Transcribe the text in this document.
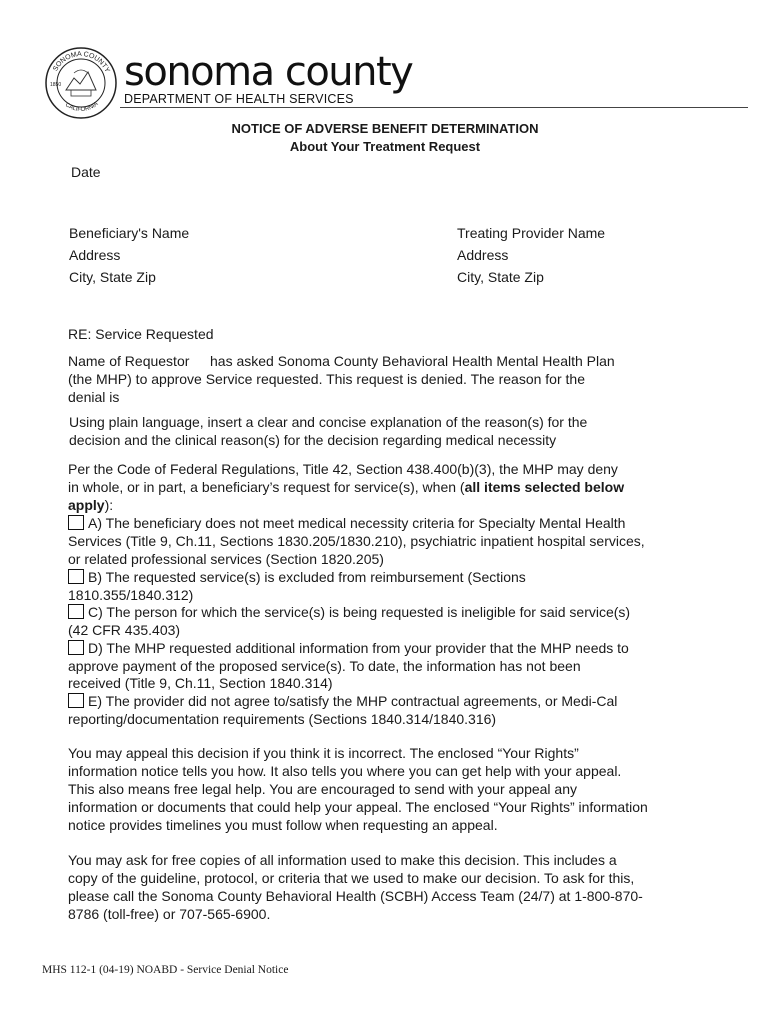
SONOMA COUNTY
CALIFORNIA
1850 sonoma county
DEPARTMENT OF HEALTH SERVICES
NOTICE OF ADVERSE BENEFIT DETERMINATION
About Your Treatment Request
Date
Beneficiary's Name
Address
City, State Zip
Treating Provider Name
Address
City, State Zip
RE: Service Requested
Name of Requestor has asked Sonoma County Behavioral Health Mental Health Plan
(the MHP) to approve Service requested. This request is denied. The reason for the
denial is
Using plain language, insert a clear and concise explanation of the reason(s) for the
decision and the clinical reason(s) for the decision regarding medical necessity
Per the Code of Federal Regulations, Title 42, Section 438.400(b)(3), the MHP may deny
in whole, or in part, a beneficiary’s request for service(s), when (all items selected below
apply):
A) The beneficiary does not meet medical necessity criteria for Specialty Mental Health
Services (Title 9, Ch.11, Sections 1830.205/1830.210), psychiatric inpatient hospital services,
or related professional services (Section 1820.205)
B) The requested service(s) is excluded from reimbursement (Sections
1810.355/1840.312)
C) The person for which the service(s) is being requested is ineligible for said service(s)
(42 CFR 435.403)
D) The MHP requested additional information from your provider that the MHP needs to
approve payment of the proposed service(s). To date, the information has not been
received (Title 9, Ch.11, Section 1840.314)
E) The provider did not agree to/satisfy the MHP contractual agreements, or Medi-Cal
reporting/documentation requirements (Sections 1840.314/1840.316)
You may appeal this decision if you think it is incorrect. The enclosed “Your Rights”
information notice tells you how. It also tells you where you can get help with your appeal.
This also means free legal help. You are encouraged to send with your appeal any
information or documents that could help your appeal. The enclosed “Your Rights” information
notice provides timelines you must follow when requesting an appeal.
You may ask for free copies of all information used to make this decision. This includes a
copy of the guideline, protocol, or criteria that we used to make our decision. To ask for this,
please call the Sonoma County Behavioral Health (SCBH) Access Team (24/7) at 1-800-870-
8786 (toll-free) or 707-565-6900.
MHS 112-1 (04-19) NOABD - Service Denial Notice
